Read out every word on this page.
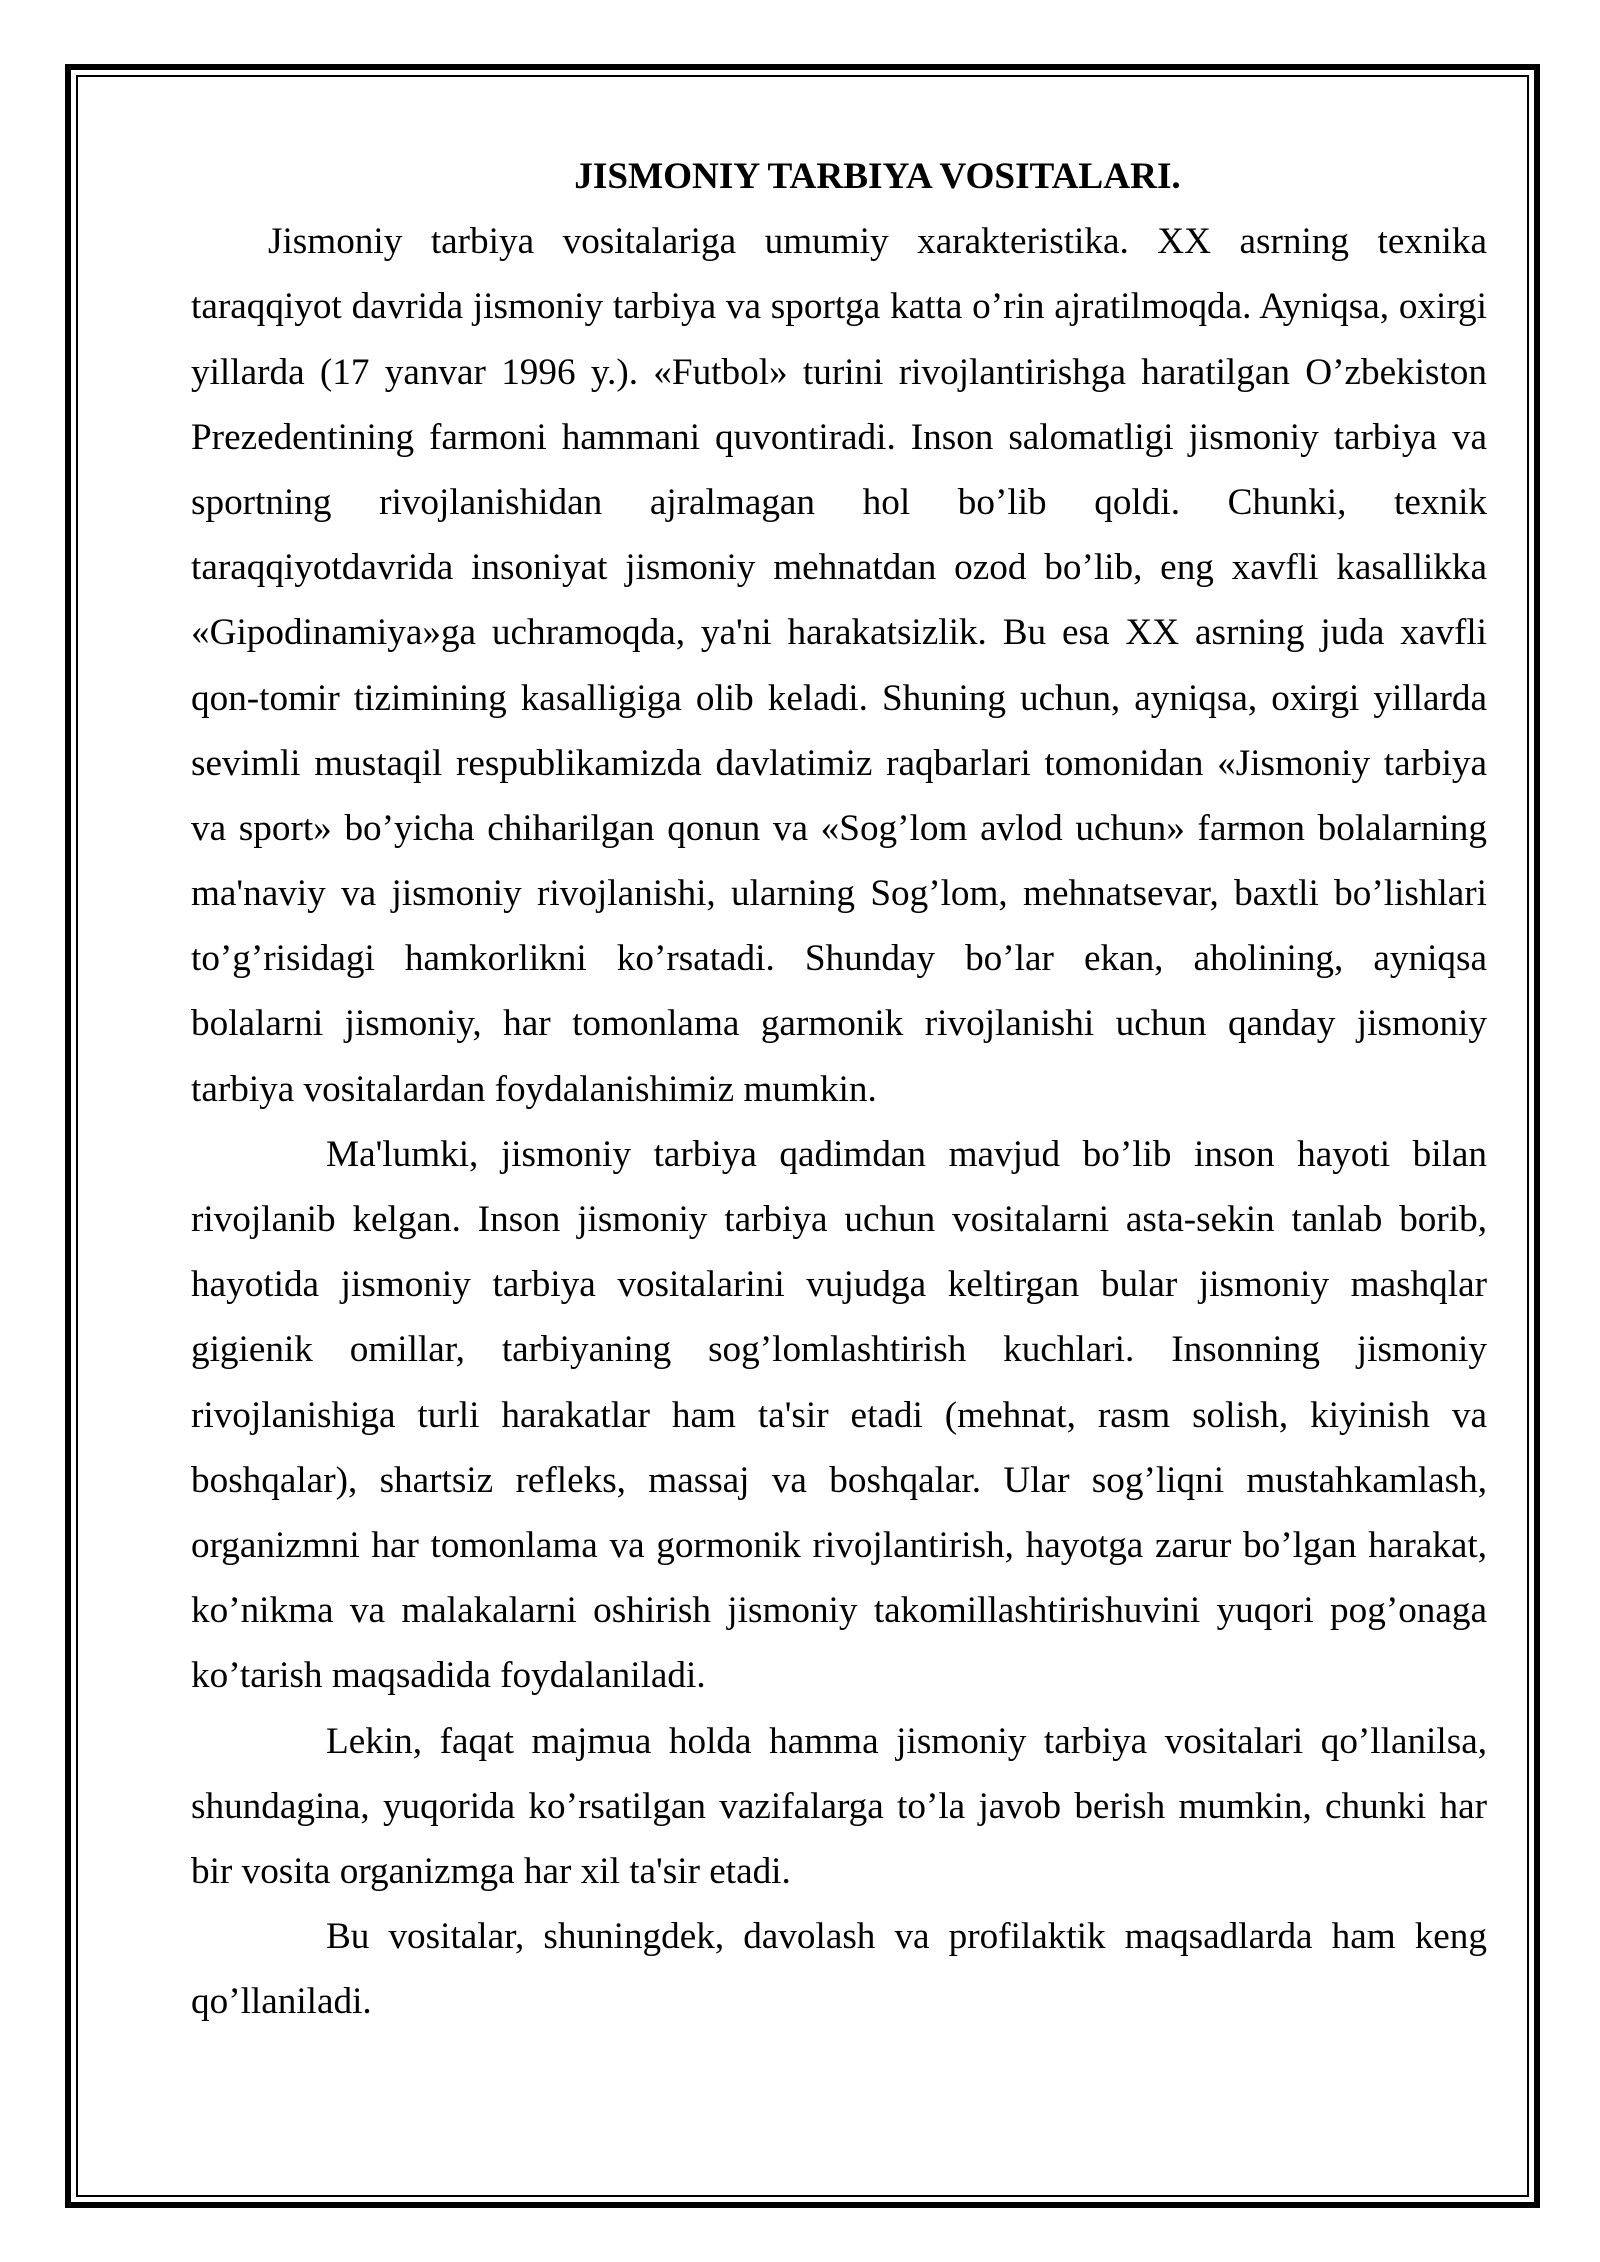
JISMONIY TARBIYA VOSITALARI.
Jismoniy tarbiya vositalariga umumiy xarakteristika. XX asrning texnika
taraqqiyot davrida jismoniy tarbiya va sportga katta o’rin ajratilmoqda. Ayniqsa, oxirgi
yillarda (17 yanvar 1996 y.). «Futbol» turini rivojlantirishga haratilgan O’zbekiston
Prezedentining farmoni hammani quvontiradi. Inson salomatligi jismoniy tarbiya va
sportning rivojlanishidan ajralmagan hol bo’lib qoldi. Chunki, texnik
taraqqiyotdavrida insoniyat jismoniy mehnatdan ozod bo’lib, eng xavfli kasallikka
«Gipodinamiya»ga uchramoqda, ya'ni harakatsizlik. Bu esa XX asrning juda xavfli
qon-tomir tizimining kasalligiga olib keladi. Shuning uchun, ayniqsa, oxirgi yillarda
sevimli mustaqil respublikamizda davlatimiz raqbarlari tomonidan «Jismoniy tarbiya
va sport» bo’yicha chiharilgan qonun va «Sog’lom avlod uchun» farmon bolalarning
ma'naviy va jismoniy rivojlanishi, ularning Sog’lom, mehnatsevar, baxtli bo’lishlari
to’g’risidagi hamkorlikni ko’rsatadi. Shunday bo’lar ekan, aholining, ayniqsa
bolalarni jismoniy, har tomonlama garmonik rivojlanishi uchun qanday jismoniy
tarbiya vositalardan foydalanishimiz mumkin.
Ma'lumki, jismoniy tarbiya qadimdan mavjud bo’lib inson hayoti bilan
rivojlanib kelgan. Inson jismoniy tarbiya uchun vositalarni asta-sekin tanlab borib,
hayotida jismoniy tarbiya vositalarini vujudga keltirgan bular jismoniy mashqlar
gigienik omillar, tarbiyaning sog’lomlashtirish kuchlari. Insonning jismoniy
rivojlanishiga turli harakatlar ham ta'sir etadi (mehnat, rasm solish, kiyinish va
boshqalar), shartsiz refleks, massaj va boshqalar. Ular sog’liqni mustahkamlash,
organizmni har tomonlama va gormonik rivojlantirish, hayotga zarur bo’lgan harakat,
ko’nikma va malakalarni oshirish jismoniy takomillashtirishuvini yuqori pog’onaga
ko’tarish maqsadida foydalaniladi.
Lekin, faqat majmua holda hamma jismoniy tarbiya vositalari qo’llanilsa,
shundagina, yuqorida ko’rsatilgan vazifalarga to’la javob berish mumkin, chunki har
bir vosita organizmga har xil ta'sir etadi.
Bu vositalar, shuningdek, davolash va profilaktik maqsadlarda ham keng
qo’llaniladi.
